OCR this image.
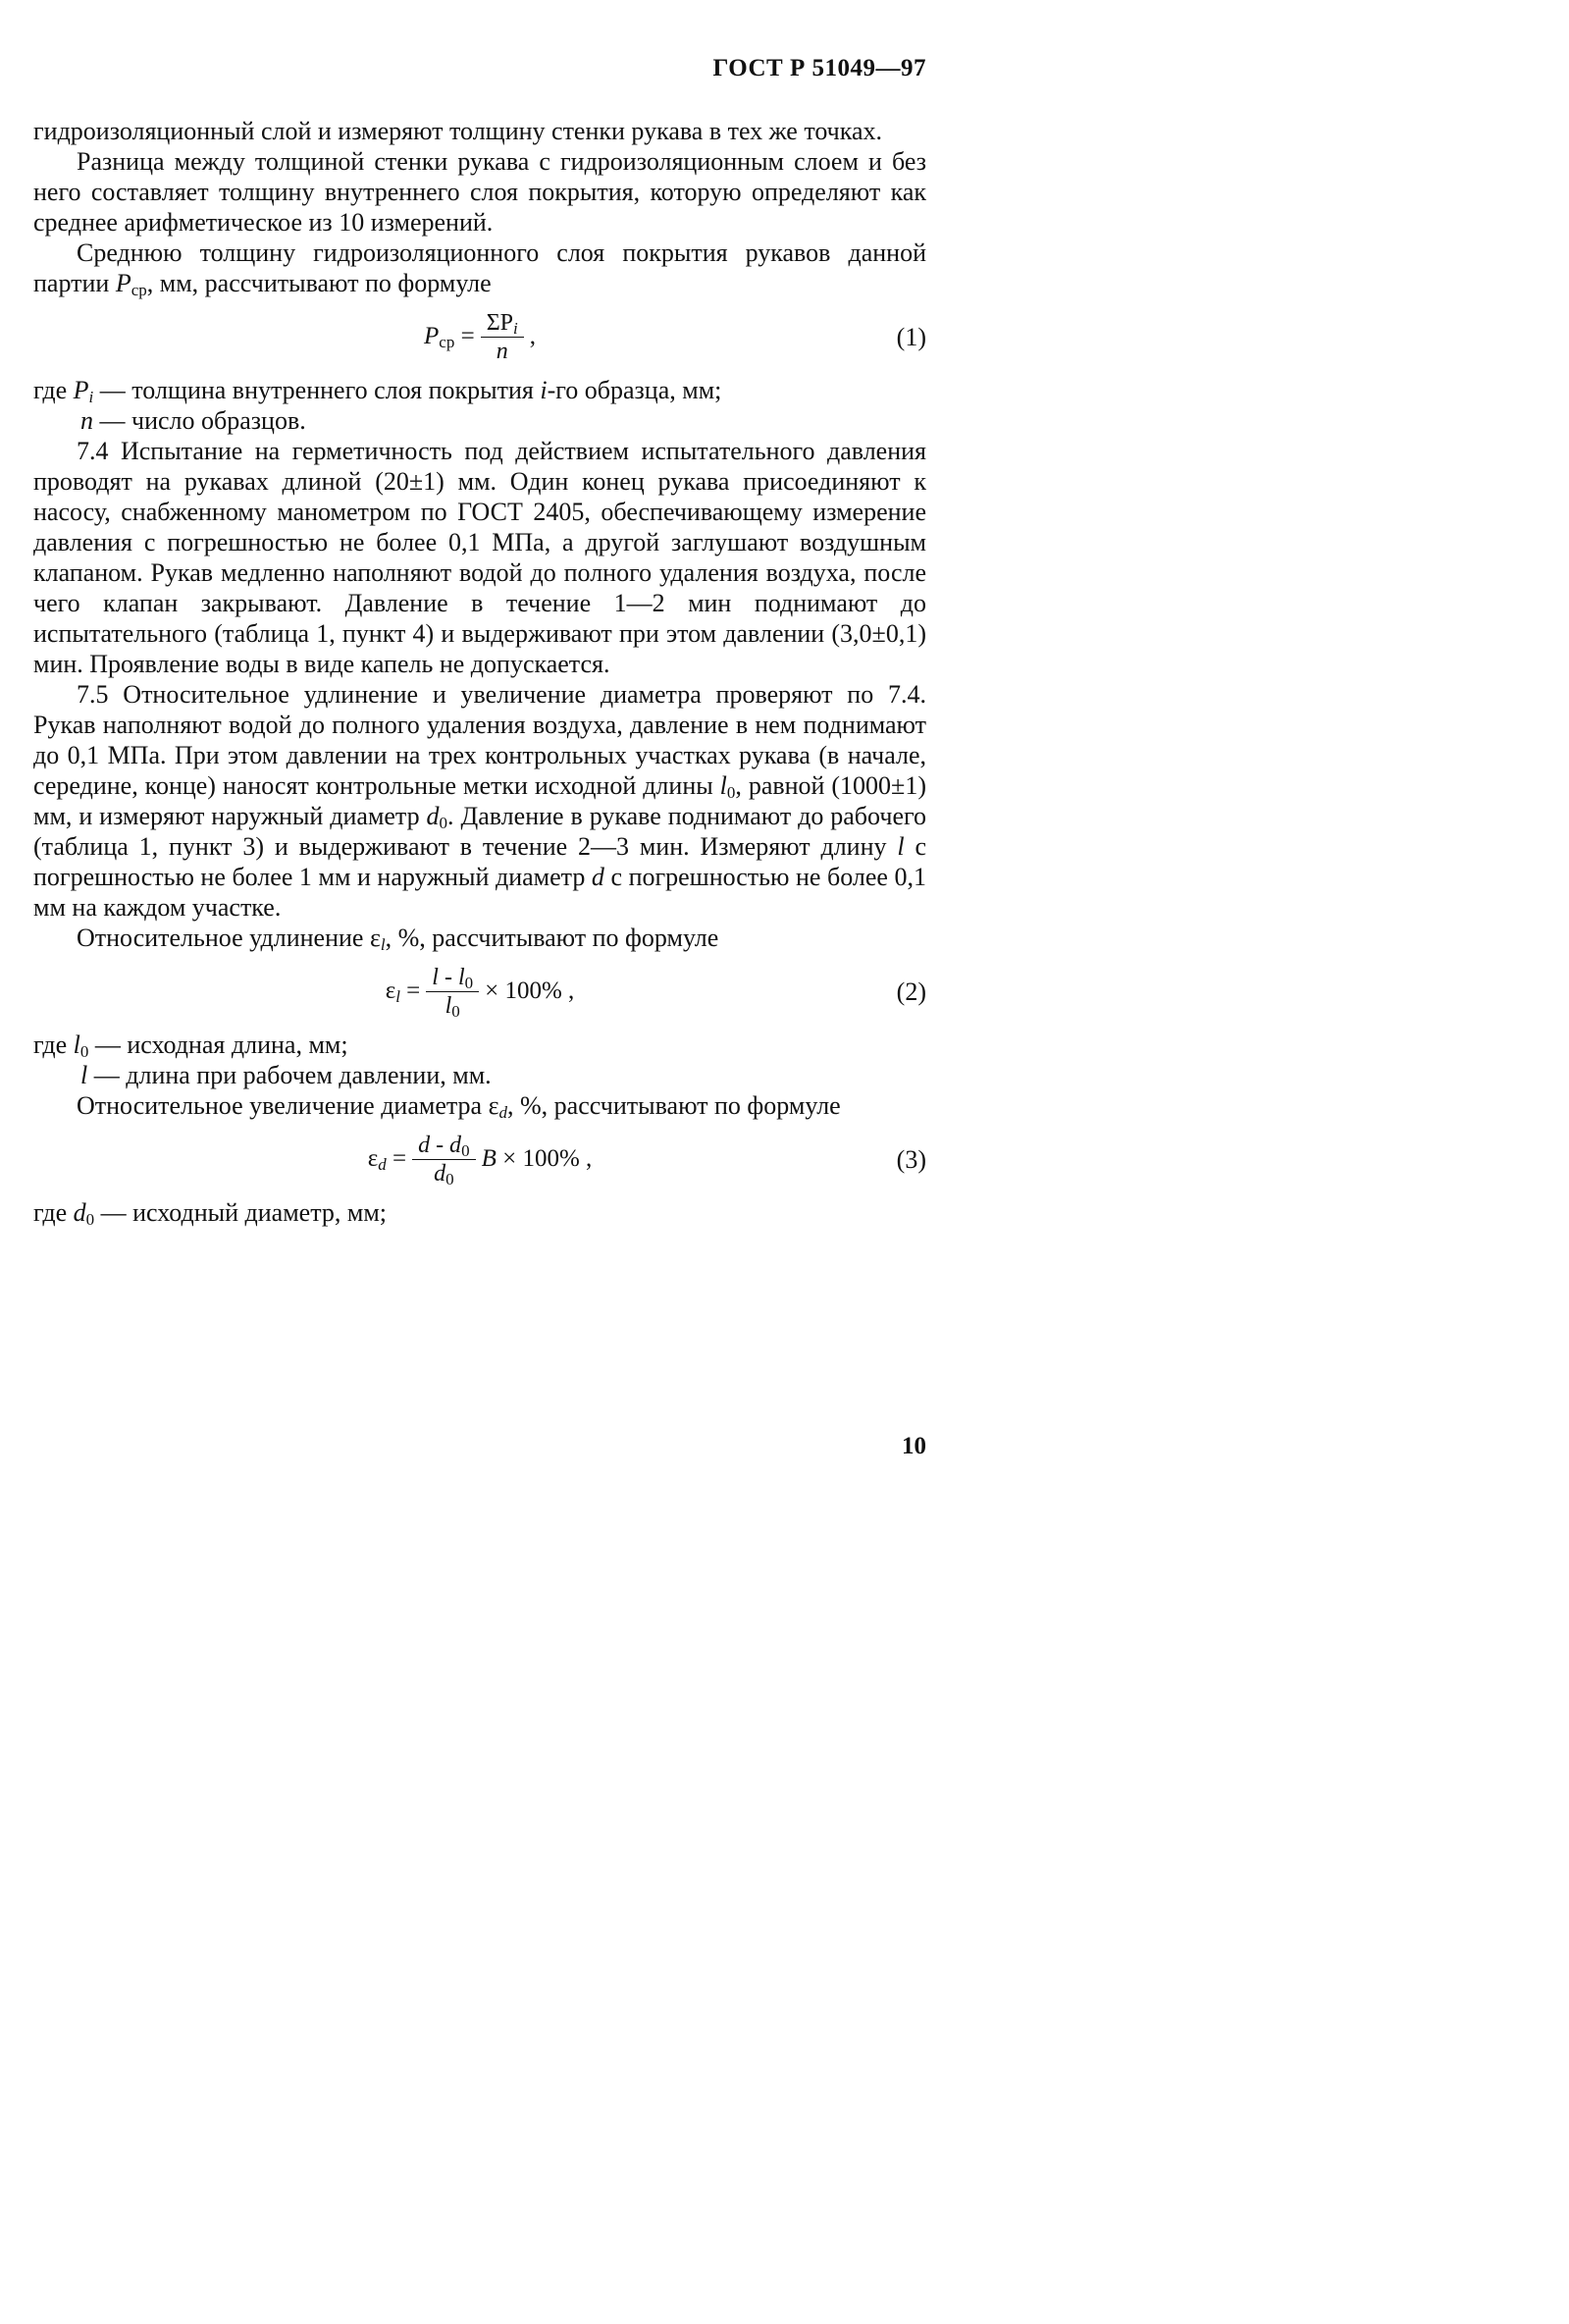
ГОСТ Р 51049—97

гидроизоляционный слой и измеряют толщину стенки рукава в тех же точках.

Разница между толщиной стенки рукава с гидроизоляционным слоем и без него составляет толщину внутреннего слоя покрытия, которую определяют как среднее арифметическое из 10 измерений.

Среднюю толщину гидроизоляционного слоя покрытия рукавов данной партии $P_{ср}$, мм, рассчитывают по формуле

$P_{ср} = \frac{\Sigma P_i}{n}$ ,	(1)

где $P_i$ — толщина внутреннего слоя покрытия i-го образца, мм;

n — число образцов.

7.4 Испытание на герметичность под действием испытательного давления проводят на рукавах длиной (20±1) мм. Один конец рукава присоединяют к насосу, снабженному манометром по ГОСТ 2405, обеспечивающему измерение давления с погрешностью не более 0,1 МПа, а другой заглушают воздушным клапаном. Рукав медленно наполняют водой до полного удаления воздуха, после чего клапан закрывают. Давление в течение 1—2 мин поднимают до испытательного (таблица 1, пункт 4) и выдерживают при этом давлении (3,0±0,1) мин. Проявление воды в виде капель не допускается.

7.5 Относительное удлинение и увеличение диаметра проверяют по 7.4. Рукав наполняют водой до полного удаления воздуха, давление в нем поднимают до 0,1 МПа. При этом давлении на трех контрольных участках рукава (в начале, середине, конце) наносят контрольные метки исходной длины $l_0$, равной (1000±1) мм, и измеряют наружный диаметр $d_0$. Давление в рукаве поднимают до рабочего (таблица 1, пункт 3) и выдерживают в течение 2—3 мин. Измеряют длину l с погрешностью не более 1 мм и наружный диаметр d с погрешностью не более 0,1 мм на каждом участке.

Относительное удлинение $\varepsilon_l$, %, рассчитывают по формуле

$\varepsilon_l = \frac{l - l_0}{l_0} \times 100\%$ ,	(2)

где $l_0$ — исходная длина, мм;

l — длина при рабочем давлении, мм.

Относительное увеличение диаметра $\varepsilon_d$, %, рассчитывают по формуле

$\varepsilon_d = \frac{d - d_0}{d_0}$ B × 100% ,	(3)

где $d_0$ — исходный диаметр, мм;

10
